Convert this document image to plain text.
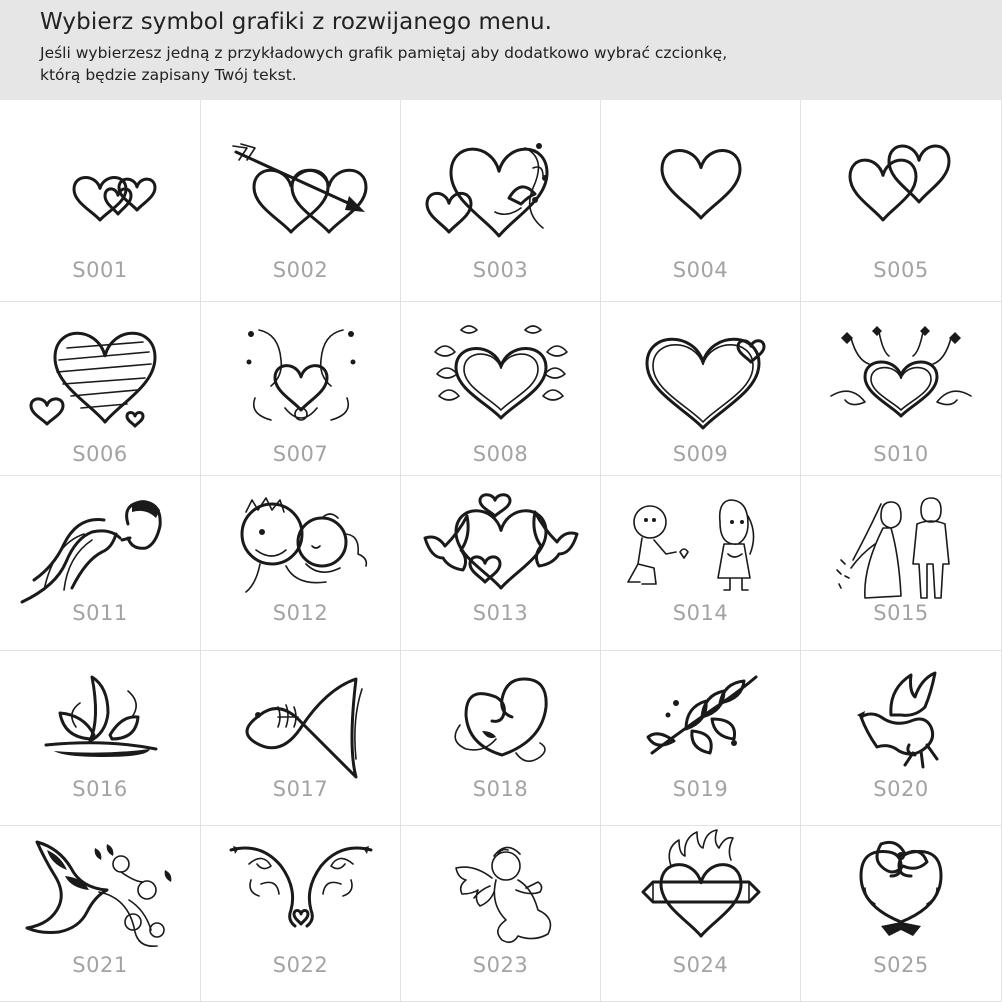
Wybierz symbol grafiki z rozwijanego menu.
Jeśli wybierzesz jedną z przykładowych grafik pamiętaj aby dodatkowo wybrać czcionkę,
którą będzie zapisany Twój tekst.
S001	S002	S003	S004	S005
S006	S007	S008	S009	S010
S011	S012	S013	S014	S015
S016	S017	S018	S019	S020
S021	S022	S023	S024	S025
